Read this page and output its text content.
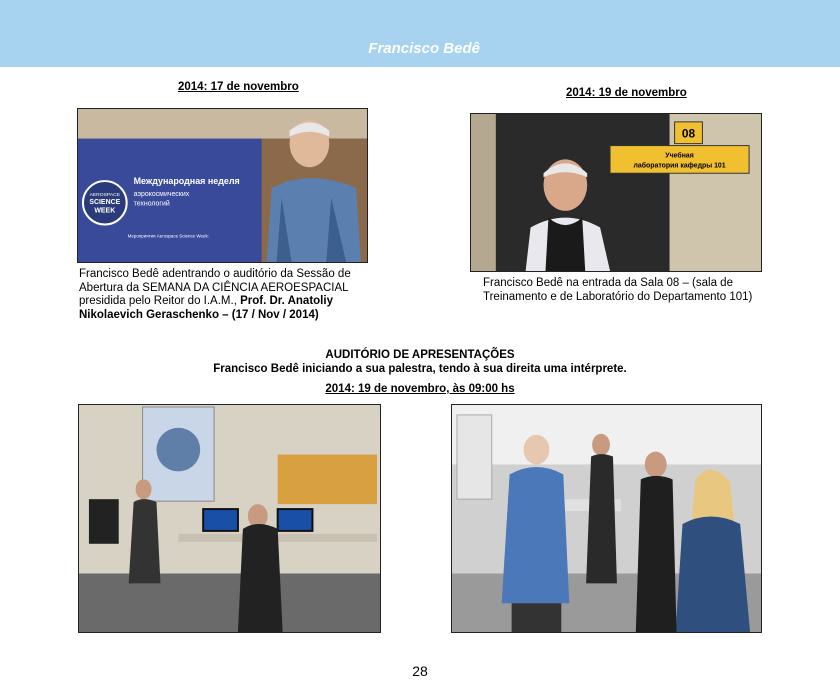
Francisco Bedê
2014: 17 de novembro
AEROSPACE
SCIENCE
WEEK
Международная неделя
аэрокосмических
технологий
Мероприятия Aerospace Science Week:
Francisco Bedê adentrando o auditório da Sessão de
Abertura da SEMANA DA CIÊNCIA AEROESPACIAL
presidida pelo Reitor do I.A.M., Prof. Dr. Anatoliy
Nikolaevich Geraschenko – (17 / Nov / 2014)
2014: 19 de novembro
08
Учебная
лаборатория кафедры 101
Francisco Bedê na entrada da Sala 08 – (sala de
Treinamento e de Laboratório do Departamento 101)
AUDITÓRIO DE APRESENTAÇÕES
Francisco Bedê iniciando a sua palestra, tendo à sua direita uma intérprete.
2014: 19 de novembro, às 09:00 hs
28
